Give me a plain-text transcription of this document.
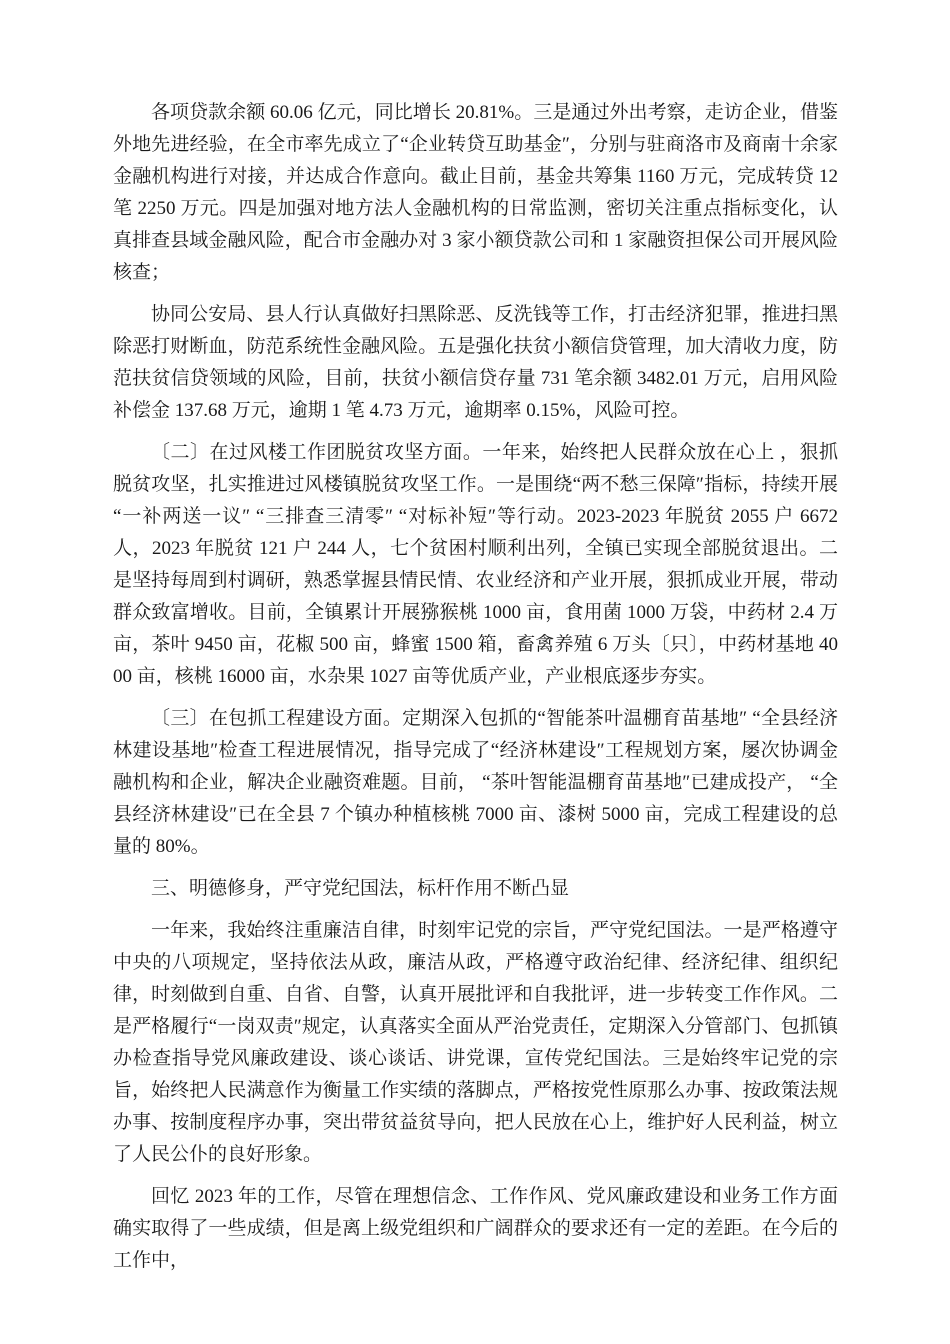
各项贷款余额 60.06 亿元，同比增长 20.81%。三是通过外出考察，走访企业，借鉴外地先进经验，在全市率先成立了“企业转贷互助基金″，分别与驻商洛市及商南十余家金融机构进行对接，并达成合作意向。截止目前，基金共筹集 1160 万元，完成转贷 12 笔 2250 万元。四是加强对地方法人金融机构的日常监测，密切关注重点指标变化，认真排查县域金融风险，配合市金融办对 3 家小额贷款公司和 1 家融资担保公司开展风险核查；

协同公安局、县人行认真做好扫黑除恶、反洗钱等工作，打击经济犯罪，推进扫黑除恶打财断血，防范系统性金融风险。五是强化扶贫小额信贷管理，加大清收力度，防范扶贫信贷领域的风险，目前，扶贫小额信贷存量 731 笔余额 3482.01 万元，启用风险补偿金 137.68 万元，逾期 1 笔 4.73 万元，逾期率 0.15%，风险可控。

〔二〕在过风楼工作团脱贫攻坚方面。一年来，始终把人民群众放在心上 ，狠抓脱贫攻坚，扎实推进过风楼镇脱贫攻坚工作。一是围绕“两不愁三保障″指标，持续开展“一补两送一议″ “三排查三清零″ “对标补短″等行动。2023-2023 年脱贫 2055 户 6672 人，2023 年脱贫 121 户 244 人，七个贫困村顺利出列，全镇已实现全部脱贫退出。二是坚持每周到村调研，熟悉掌握县情民情、农业经济和产业开展，狠抓成业开展，带动群众致富增收。目前，全镇累计开展猕猴桃 1000 亩，食用菌 1000 万袋，中药材 2.4 万亩，茶叶 9450 亩，花椒 500 亩，蜂蜜 1500 箱，畜禽养殖 6 万头〔只〕，中药材基地 4000 亩，核桃 16000 亩，水杂果 1027 亩等优质产业，产业根底逐步夯实。

〔三〕在包抓工程建设方面。定期深入包抓的“智能茶叶温棚育苗基地″ “全县经济林建设基地″检查工程进展情况，指导完成了“经济林建设″工程规划方案，屡次协调金融机构和企业，解决企业融资难题。目前， “茶叶智能温棚育苗基地″已建成投产， “全县经济林建设″已在全县 7 个镇办种植核桃 7000 亩、漆树 5000 亩，完成工程建设的总量的 80%。

三、明德修身，严守党纪国法，标杆作用不断凸显

一年来，我始终注重廉洁自律，时刻牢记党的宗旨，严守党纪国法。一是严格遵守中央的八项规定，坚持依法从政，廉洁从政，严格遵守政治纪律、经济纪律、组织纪律，时刻做到自重、自省、自警，认真开展批评和自我批评，进一步转变工作作风。二是严格履行“一岗双责″规定，认真落实全面从严治党责任，定期深入分管部门、包抓镇办检查指导党风廉政建设、谈心谈话、讲党课，宣传党纪国法。三是始终牢记党的宗旨，始终把人民满意作为衡量工作实绩的落脚点，严格按党性原那么办事、按政策法规办事、按制度程序办事，突出带贫益贫导向，把人民放在心上，维护好人民利益，树立了人民公仆的良好形象。

回忆 2023 年的工作，尽管在理想信念、工作作风、党风廉政建设和业务工作方面确实取得了一些成绩，但是离上级党组织和广阔群众的要求还有一定的差距。在今后的工作中，
